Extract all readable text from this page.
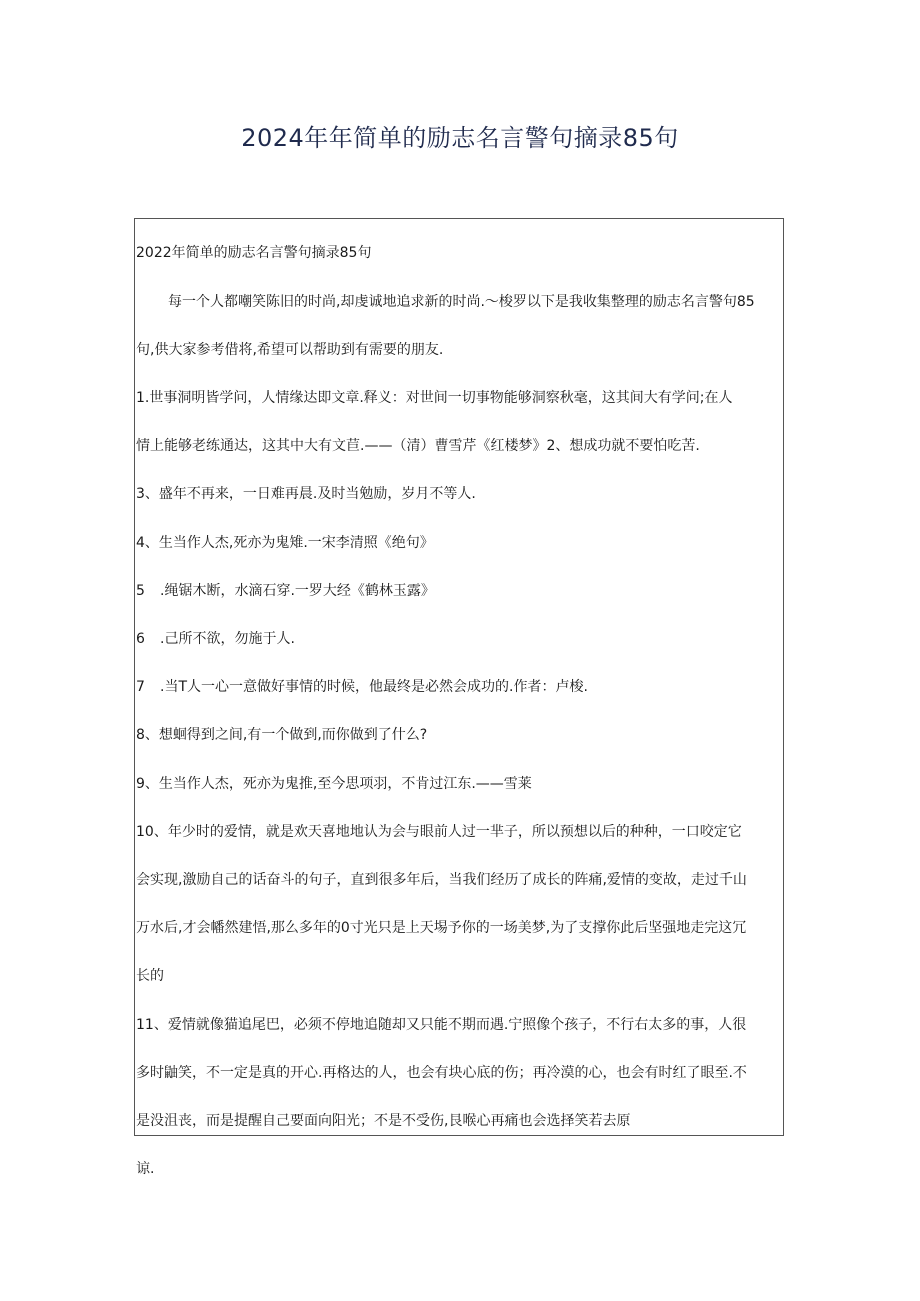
2024年年简单的励志名言警句摘录85句
2022年简单的励志名言警句摘录85句
每一个人都嘲笑陈旧的时尚,却虔诚地追求新的时尚.〜梭罗以下是我收集整理的励志名言警句85
句,供大家参考借将,希望可以帮助到有需要的朋友.
1.世事洞明皆学问，人情缘达即文章.释义：对世间一切事物能够洞察秋毫，这其间大有学问;在人
情上能够老练通达，这其中大有文苣.——（清）曹雪芹《红楼梦》2、想成功就不要怕吃苦.
3、盛年不再来，一日难再晨.及时当勉励，岁月不等人.
4、生当作人杰,死亦为鬼雉.一宋李清照《绝句》
5 .绳锯木断，水滴石穿.一罗大经《鹤林玉露》
6 .己所不欲，勿施于人.
7 .当T人一心一意做好事情的时候，他最终是必然会成功的.作者：卢梭.
8、想蛔得到之间,有一个做到,而你做到了什么?
9、生当作人杰，死亦为鬼推,至今思项羽，不肯过江东.——雪莱
10、年少时的爱情，就是欢天喜地地认为会与眼前人过一芈子，所以预想以后的种种，一口咬定它
会实现,激励自己的话奋斗的句子，直到很多年后，当我们经历了成长的阵痛,爱情的变故，走过千山
万水后,才会幡然建悟,那么多年的0寸光只是上天埸予你的一场美梦,为了支撑你此后坚强地走完这冗
长的
11、爱情就像猫追尾巴，必须不停地追随却又只能不期而遇.宁照像个孩子，不行右太多的事，人很
多时鼬笑，不一定是真的开心.再格达的人，也会有块心底的伤；再冷漠的心，也会有时红了眼至.不
是没沮丧，而是提醒自己要面向阳光；不是不受伤,艮喉心再痛也会选择笑若去原
谅.
